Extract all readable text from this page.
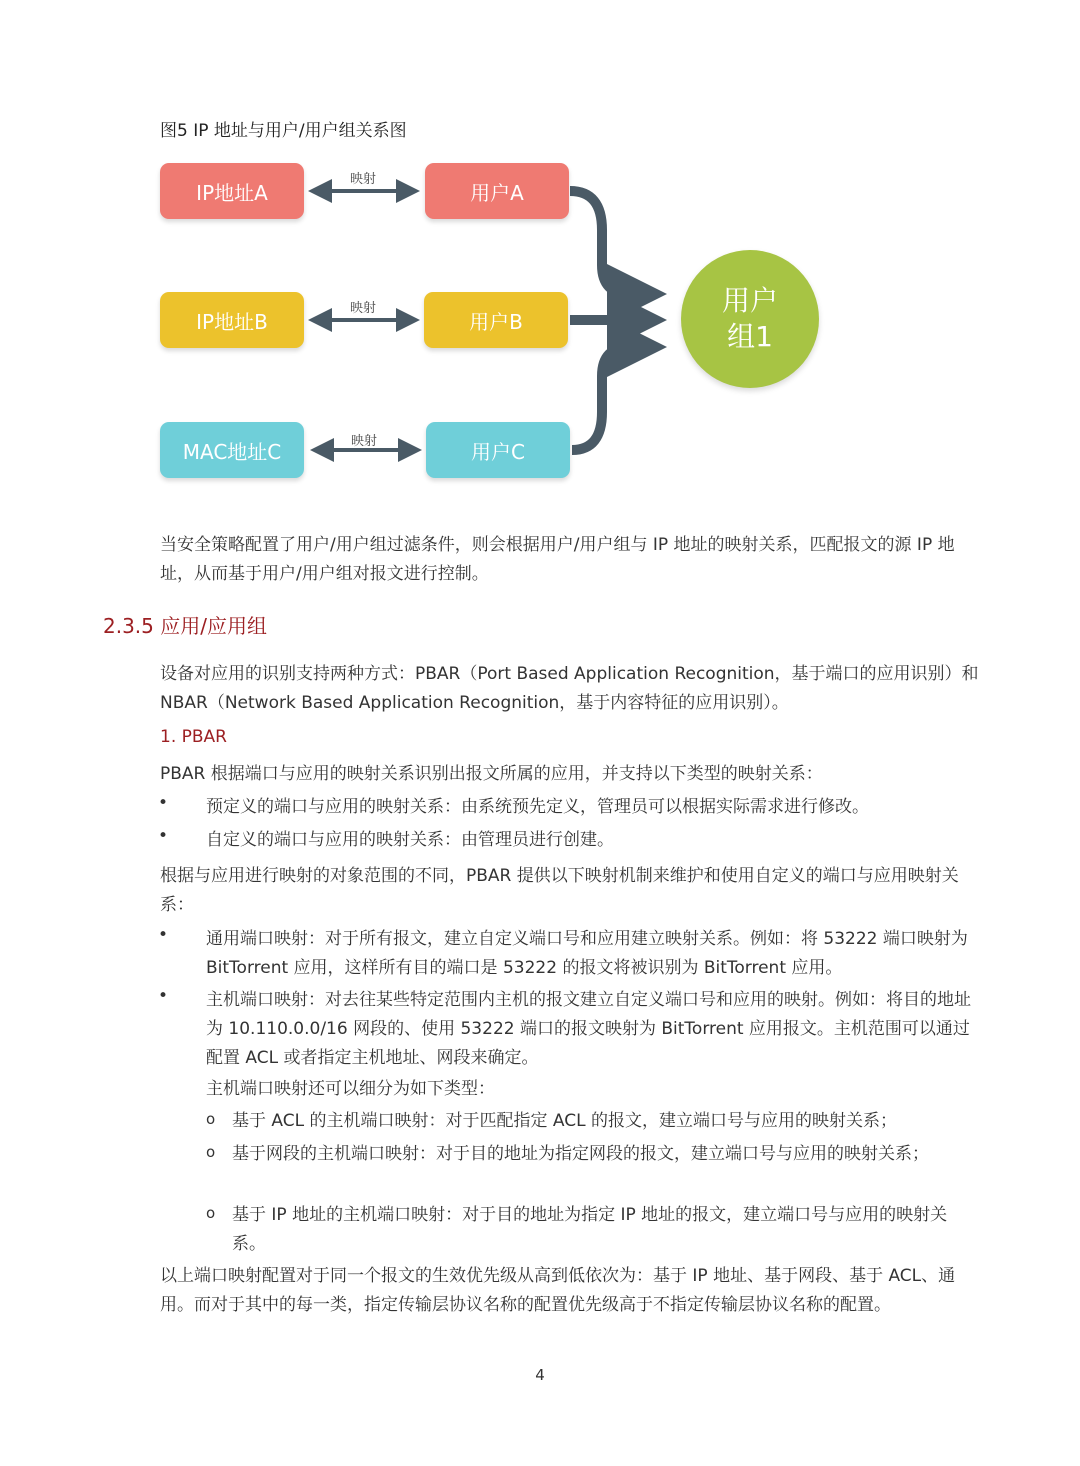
图5 IP 地址与用户/用户组关系图
IP地址A
IP地址B
MAC地址C
用户A
用户B
用户C
映射
映射
映射
用户组1
当安全策略配置了用户/用户组过滤条件，则会根据用户/用户组与 IP 地址的映射关系，匹配报文的源 IP 地址，从而基于用户/用户组对报文进行控制。
2.3.5 应用/应用组
设备对应用的识别支持两种方式：PBAR（Port Based Application Recognition，基于端口的应用识别）和 NBAR（Network Based Application Recognition，基于内容特征的应用识别）。
1. PBAR
PBAR 根据端口与应用的映射关系识别出报文所属的应用，并支持以下类型的映射关系：
• 预定义的端口与应用的映射关系：由系统预先定义，管理员可以根据实际需求进行修改。
• 自定义的端口与应用的映射关系：由管理员进行创建。
根据与应用进行映射的对象范围的不同，PBAR 提供以下映射机制来维护和使用自定义的端口与应用映射关系：
• 通用端口映射：对于所有报文，建立自定义端口号和应用建立映射关系。例如：将 53222 端口映射为 BitTorrent 应用，这样所有目的端口是 53222 的报文将被识别为 BitTorrent 应用。
• 主机端口映射：对去往某些特定范围内主机的报文建立自定义端口号和应用的映射。例如：将目的地址为 10.110.0.0/16 网段的、使用 53222 端口的报文映射为 BitTorrent 应用报文。主机范围可以通过配置 ACL 或者指定主机地址、网段来确定。
主机端口映射还可以细分为如下类型：
o 基于 ACL 的主机端口映射：对于匹配指定 ACL 的报文，建立端口号与应用的映射关系；
o 基于网段的主机端口映射：对于目的地址为指定网段的报文，建立端口号与应用的映射关系；
o 基于 IP 地址的主机端口映射：对于目的地址为指定 IP 地址的报文，建立端口号与应用的映射关系。
以上端口映射配置对于同一个报文的生效优先级从高到低依次为：基于 IP 地址、基于网段、基于 ACL、通用。而对于其中的每一类，指定传输层协议名称的配置优先级高于不指定传输层协议名称的配置。
4
